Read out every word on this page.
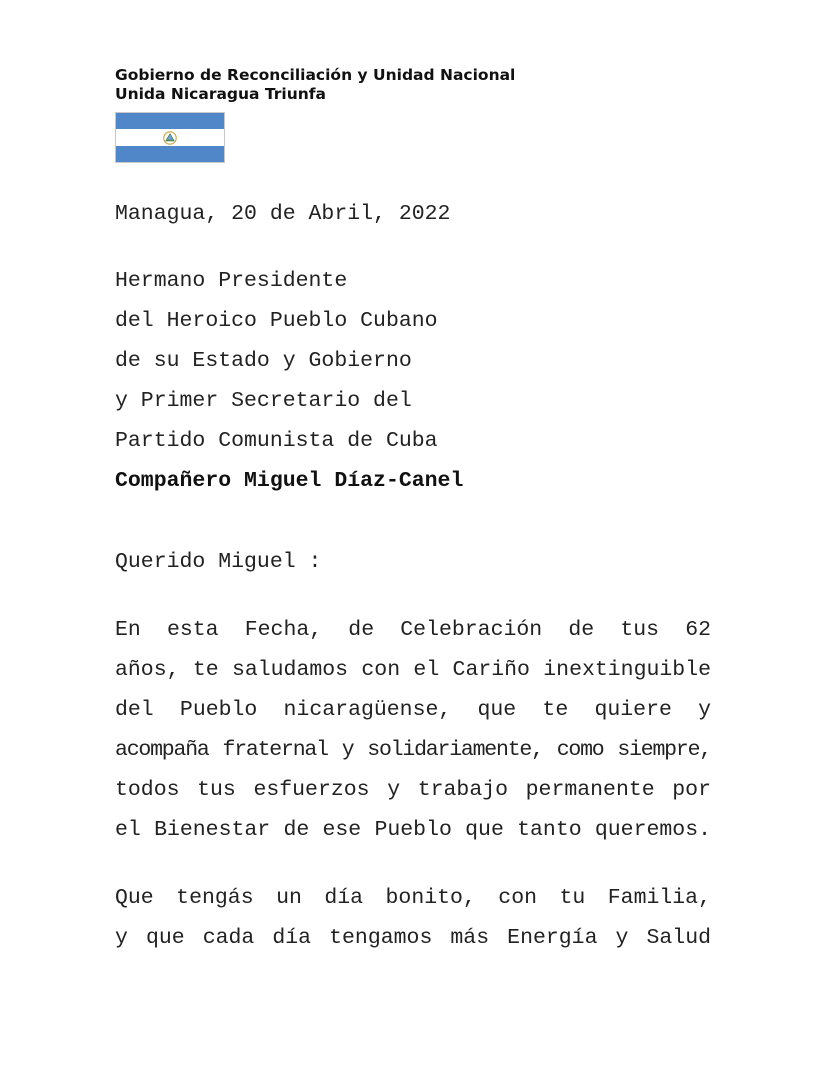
Gobierno de Reconciliación y Unidad Nacional
Unida Nicaragua Triunfa
Managua, 20 de Abril, 2022
Hermano Presidente
del Heroico Pueblo Cubano
de su Estado y Gobierno
y Primer Secretario del
Partido Comunista de Cuba
Compañero Miguel Díaz-Canel
Querido Miguel :
En esta Fecha, de Celebración de tus 62
años, te saludamos con el Cariño inextinguible
del Pueblo nicaragüense, que te quiere y
acompaña fraternal y solidariamente, como siempre,
todos tus esfuerzos y trabajo permanente por
el Bienestar de ese Pueblo que tanto queremos.
Que tengás un día bonito, con tu Familia,
y que cada día tengamos más Energía y Salud
